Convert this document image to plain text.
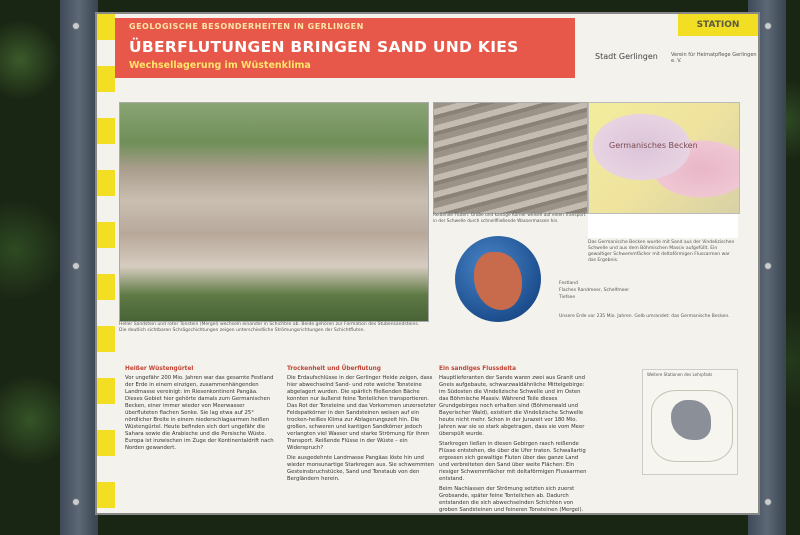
GEOLOGISCHE BESONDERHEITEN IN GERLINGEN
ÜBERFLUTUNGEN BRINGEN SAND UND KIES
Wechsellagerung im Wüstenklima
STATION
Stadt Gerlingen	Verein für Heimatpflege Gerlingen e. V.
Heller Sandstein und roter Tonstein (Mergel) wechseln einander in Schichten ab. Beide gehören zur Formation des Stubensandsteins. Die deutlich sichtbaren Schrägschichtungen zeigen unterschiedliche Strömungsrichtungen der Schichtfluten.
Reißende Fluten: Grobe und kantige Körner weisen auf einen Transport in der Schwelle durch schnellfließende Wassermassen hin.
Germanisches Becken
Das Germanische Becken wurde mit Sand aus der Vindelizischen Schwelle und aus dem Böhmischen Massiv aufgefüllt. Ein gewaltiger Schwemmfächer mit deltaförmigen Flussarmen war das Ergebnis.
Festland
Flaches Randmeer, Schelfmeer
Tiefsee
Unsere Erde vor 235 Mio. Jahren. Gelb umrandet: das Germanische Becken.
Heißer Wüstengürtel

Vor ungefähr 200 Mio. Jahren war das gesamte Festland der Erde in einem einzigen, zusammenhängenden Landmasse vereinigt: im Riesenkontinent Pangäa. Dieses Gebiet hier gehörte damals zum Germanischen Becken, einer immer wieder von Meerwasser überfluteten flachen Senke. Sie lag etwa auf 25° nördlicher Breite in einem niederschlagsarmen heißen Wüstengürtel. Heute befinden sich dort ungefähr die Sahara sowie die Arabische und die Persische Wüste. Europa ist inzwischen im Zuge der Kontinentaldrift nach Norden gewandert.

Trockenheit und Überflutung

Die Erdaufschlüsse in der Gerlinger Heide zeigen, dass hier abwechselnd Sand- und rote weiche Tonsteine abgelagert wurden. Die spärlich fließenden Bäche konnten nur äußerst feine Tonteilchen transportieren. Das Rot der Tonsteine und das Vorkommen unzersetzter Feldspatkörner in den Sandsteinen weisen auf ein trocken-heißes Klima zur Ablagerungszeit hin. Die großen, schweren und kantigen Sandkörner jedoch verlangten viel Wasser und starke Strömung für ihren Transport. Reißende Flüsse in der Wüste – ein Widerspruch?

Die ausgedehnte Landmasse Pangäas löste hin und wieder monsunartige Starkregen aus. Sie schwemmten Gesteinsbruchstücke, Sand und Tonstaub von den Bergländern herein.

Ein sandiges Flussdelta

Hauptlieferanten der Sande waren zwei aus Granit und Gneis aufgebaute, schwarzwaldähnliche Mittelgebirge: im Südosten die Vindelizische Schwelle und im Osten das Böhmische Massiv. Während Teile dieses Grundgebirges noch erhalten sind (Böhmerwald und Bayerischer Wald), existiert die Vindelizische Schwelle heute nicht mehr. Schon in der Jurazeit vor 180 Mio. Jahren war sie so stark abgetragen, dass sie vom Meer überspült wurde.

Starkregen ließen in diesen Gebirgen rasch reißende Flüsse entstehen, die über die Ufer traten. Schwallartig ergossen sich gewaltige Fluten über das ganze Land und verbreiteten den Sand über weite Flächen: Ein riesiger Schwemmfächer mit deltaförmigen Flussarmen entstand.

Beim Nachlassen der Strömung setzten sich zuerst Grobsande, später feine Tonteilchen ab. Dadurch entstanden die sich abwechselnden Schichten von groben Sandsteinen und feineren Tonsteinen (Mergel).

Weitere Stationen des Lehrpfads
